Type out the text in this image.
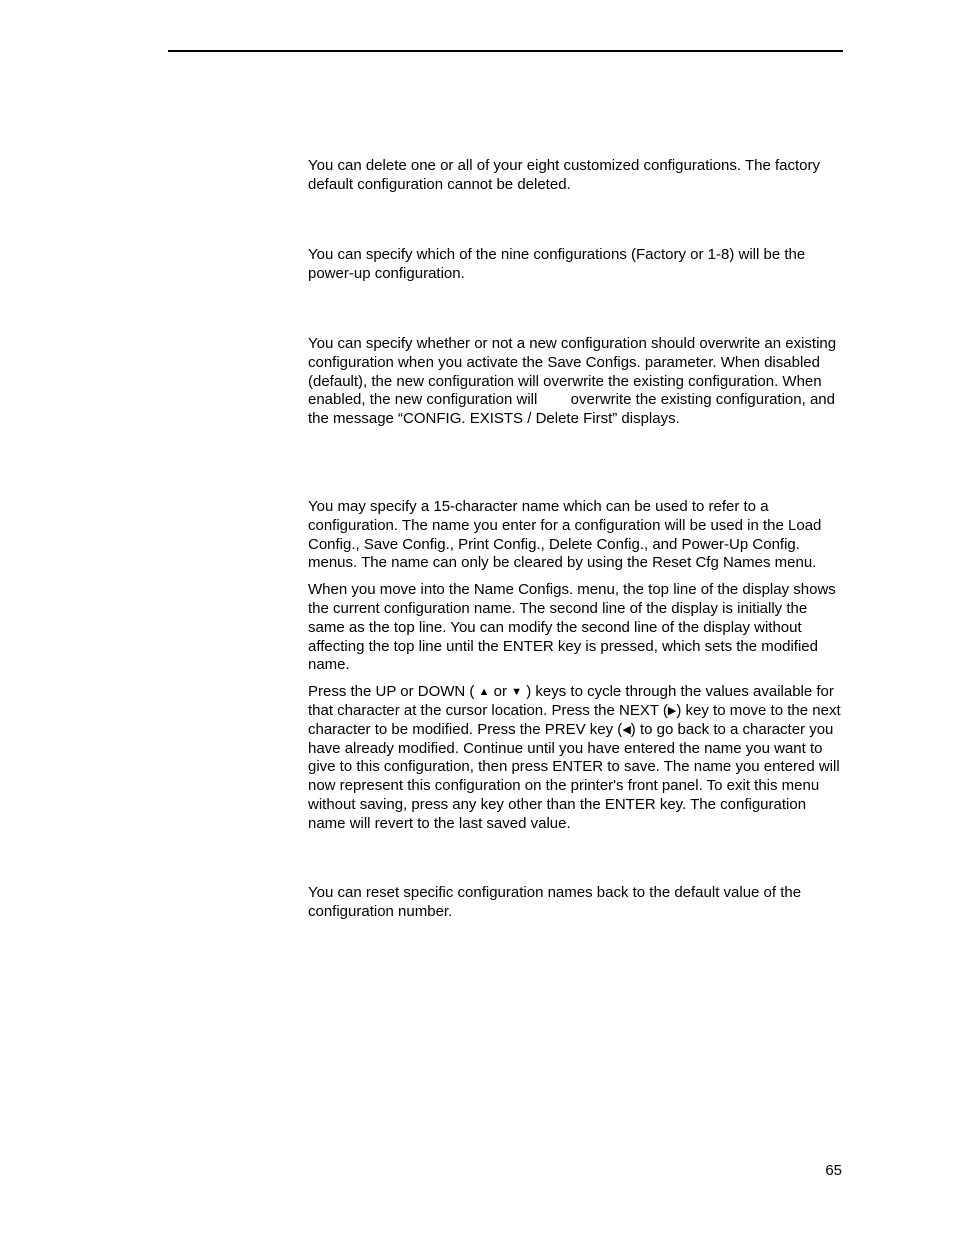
You can delete one or all of your eight customized configurations. The factory default configuration cannot be deleted.

You can specify which of the nine configurations (Factory or 1-8) will be the power-up configuration.

You can specify whether or not a new configuration should overwrite an existing configuration when you activate the Save Configs. parameter. When disabled (default), the new configuration will overwrite the existing configuration. When enabled, the new configuration will        overwrite the existing configuration, and the message “CONFIG. EXISTS / Delete First” displays.

You may specify a 15-character name which can be used to refer to a configuration. The name you enter for a configuration will be used in the Load Config., Save Config., Print Config., Delete Config., and Power-Up Config. menus. The name can only be cleared by using the Reset Cfg Names menu.

When you move into the Name Configs. menu, the top line of the display shows the current configuration name. The second line of the display is initially the same as the top line. You can modify the second line of the display without affecting the top line until the ENTER key is pressed, which sets the modified name.

Press the UP or DOWN ( ▲ or ▼ ) keys to cycle through the values available for that character at the cursor location. Press the NEXT (▶) key to move to the next character to be modified. Press the PREV key (◀) to go back to a character you have already modified. Continue until you have entered the name you want to give to this configuration, then press ENTER to save. The name you entered will now represent this configuration on the printer's front panel. To exit this menu without saving, press any key other than the ENTER key. The configuration name will revert to the last saved value.

You can reset specific configuration names back to the default value of the configuration number.

65
